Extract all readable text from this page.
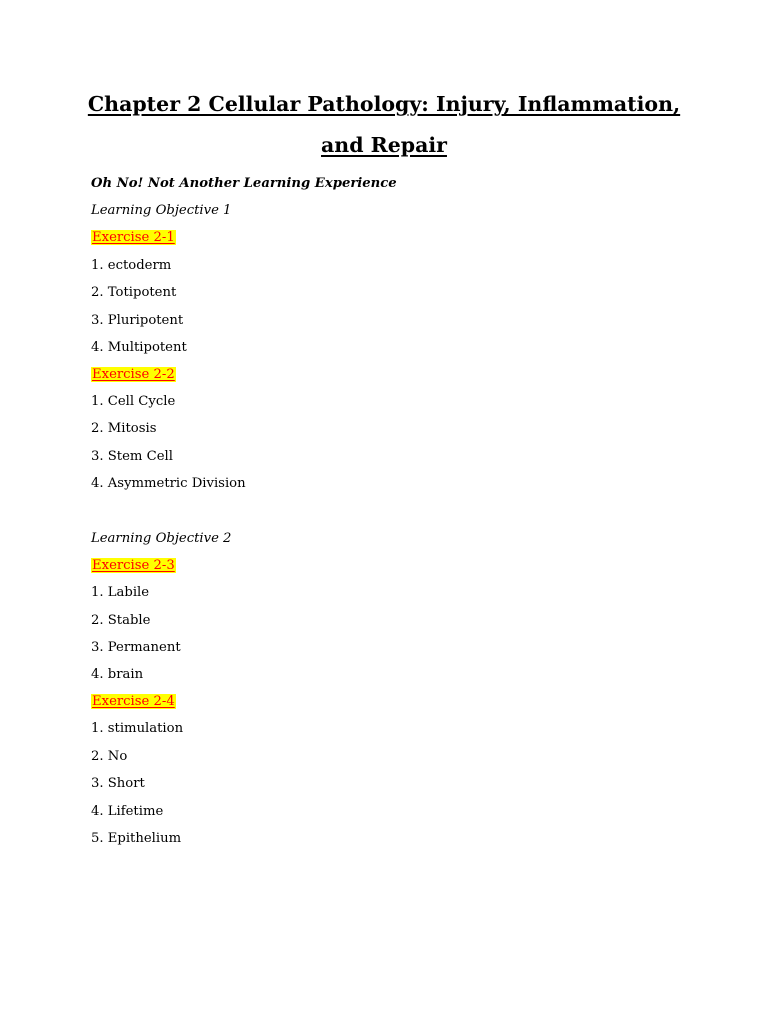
Chapter 2 Cellular Pathology: Injury, Inflammation, and Repair
Oh No! Not Another Learning Experience
Learning Objective 1
Exercise 2-1
1. ectoderm
2. Totipotent
3. Pluripotent
4. Multipotent
Exercise 2-2
1. Cell Cycle
2. Mitosis
3. Stem Cell
4. Asymmetric Division
Learning Objective 2
Exercise 2-3
1. Labile
2. Stable
3. Permanent
4. brain
Exercise 2-4
1. stimulation
2. No
3. Short
4. Lifetime
5. Epithelium
